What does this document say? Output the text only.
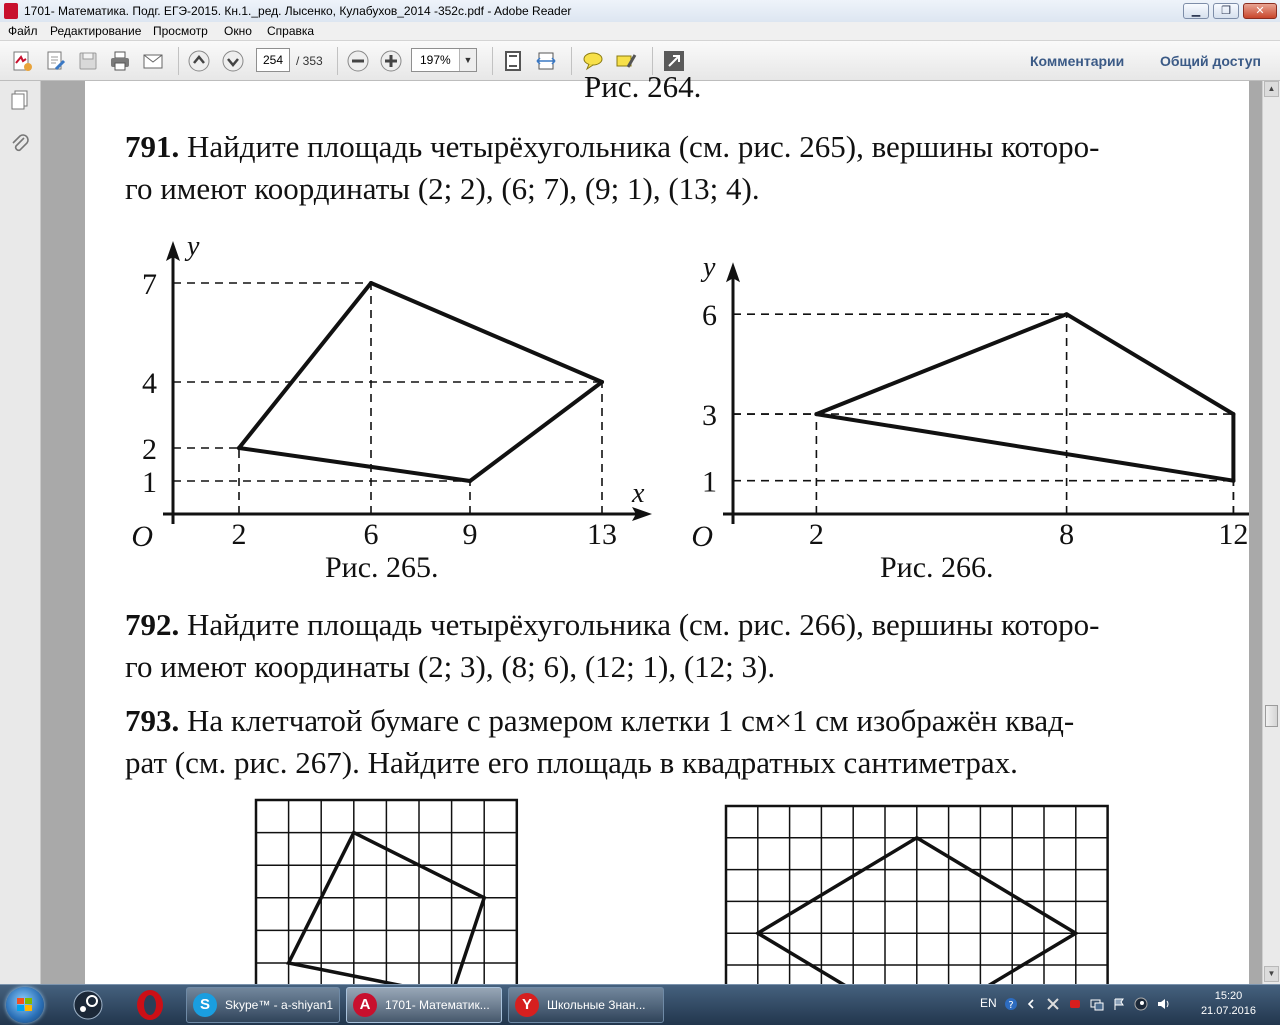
1701- Математика. Подг. ЕГЭ-2015. Кн.1._ред. Лысенко, Кулабухов_2014 -352с.pdf - Adobe Reader	▁	❐	✕
Файл Редактирование Просмотр Окно Справка
254	/ 353	197%	▼	Комментарии	Общий доступ
Рис. 264.
791. Найдите площадь четырёхугольника (см. рис. 265), вершины которо-
го имеют координаты (2; 2), (6; 7), (9; 1), (13; 4).
2	6	9	13
1
2
4
7
O
x
y
Рис. 265.
2	8	12
1
3
6
O
y
Рис. 266.
792. Найдите площадь четырёхугольника (см. рис. 266), вершины которо-
го имеют координаты (2; 3), (8; 6), (12; 1), (12; 3).
793. На клетчатой бумаге с размером клетки 1 см×1 см изображён квад-
рат (см. рис. 267). Найдите его площадь в квадратных сантиметрах.
▲
▼
S	Skype™ - a-shiyan1	A	1701- Математик...	Y	Школьные Знан...	EN ?
15:20
21.07.2016
